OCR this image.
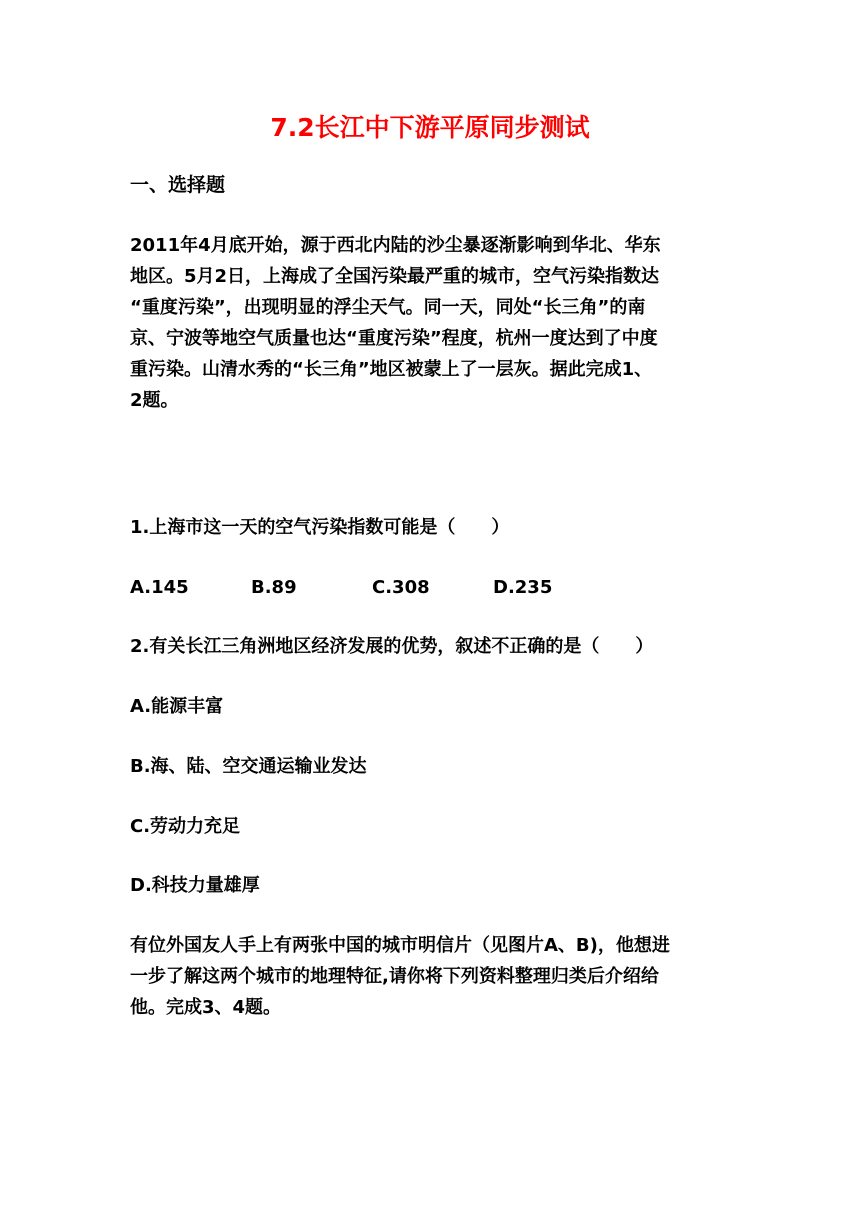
7.2长江中下游平原同步测试
一、选择题
2011年4月底开始，源于西北内陆的沙尘暴逐渐影响到华北、华东
地区。5月2日，上海成了全国污染最严重的城市，空气污染指数达
“重度污染”，出现明显的浮尘天气。同一天，同处“长三角”的南
京、宁波等地空气质量也达“重度污染”程度，杭州一度达到了中度
重污染。山清水秀的“长三角”地区被蒙上了一层灰。据此完成1、
2题。
1.上海市这一天的空气污染指数可能是（　　）
A.145	B.89	C.308	D.235
2.有关长江三角洲地区经济发展的优势，叙述不正确的是（　　）
A.能源丰富
B.海、陆、空交通运输业发达
C.劳动力充足
D.科技力量雄厚
有位外国友人手上有两张中国的城市明信片（见图片A、B)，他想进
一步了解这两个城市的地理特征,请你将下列资料整理归类后介绍给
他。完成3、4题。
